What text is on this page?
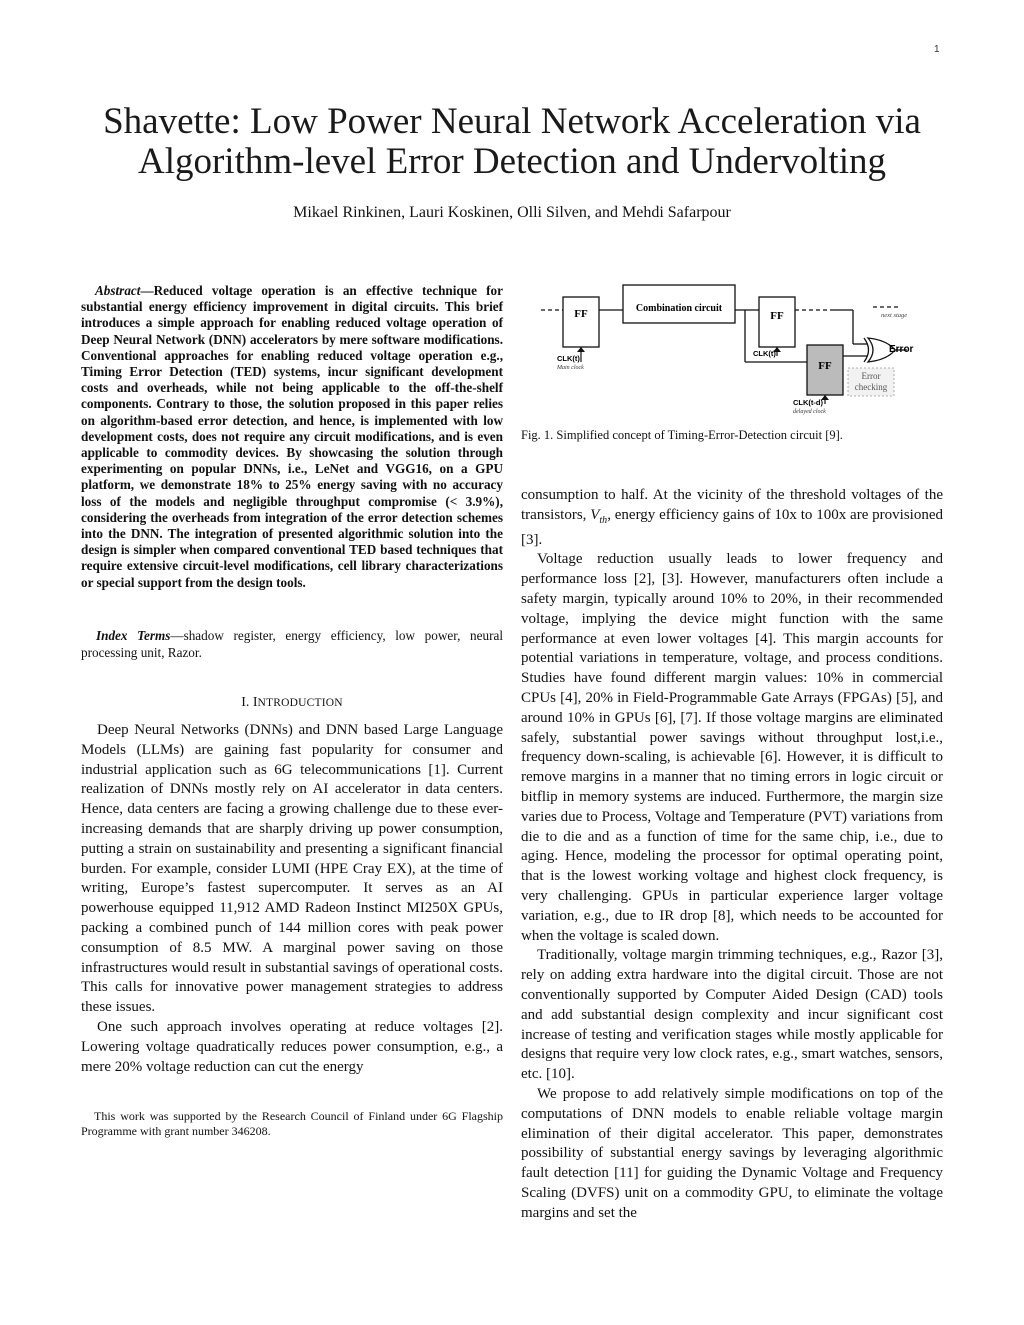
1
Shavette: Low Power Neural Network Acceleration via
Algorithm-level Error Detection and Undervolting
Mikael Rinkinen, Lauri Koskinen, Olli Silven, and Mehdi Safarpour
Abstract—Reduced voltage operation is an effective technique for substantial energy efficiency improvement in digital circuits. This brief introduces a simple approach for enabling reduced voltage operation of Deep Neural Network (DNN) accelerators by mere software modifications. Conventional approaches for enabling reduced voltage operation e.g., Timing Error Detection (TED) systems, incur significant development costs and overheads, while not being applicable to the off-the-shelf components. Contrary to those, the solution proposed in this paper relies on algorithm-based error detection, and hence, is implemented with low development costs, does not require any circuit modifications, and is even applicable to commodity devices. By showcasing the solution through experimenting on popular DNNs, i.e., LeNet and VGG16, on a GPU platform, we demonstrate 18% to 25% energy saving with no accuracy loss of the models and negligible throughput compromise (< 3.9%), considering the overheads from integration of the error detection schemes into the DNN. The integration of presented algorithmic solution into the design is simpler when compared conventional TED based techniques that require extensive circuit-level modifications, cell library characterizations or special support from the design tools.
Index Terms—shadow register, energy efficiency, low power, neural processing unit, Razor.
I. INTRODUCTION

Deep Neural Networks (DNNs) and DNN based Large Language Models (LLMs) are gaining fast popularity for consumer and industrial application such as 6G telecommunications [1]. Current realization of DNNs mostly rely on AI accelerator in data centers. Hence, data centers are facing a growing challenge due to these ever-increasing demands that are sharply driving up power consumption, putting a strain on sustainability and presenting a significant financial burden. For example, consider LUMI (HPE Cray EX), at the time of writing, Europe’s fastest supercomputer. It serves as an AI powerhouse equipped 11,912 AMD Radeon Instinct MI250X GPUs, packing a combined punch of 144 million cores with peak power consumption of 8.5 MW. A marginal power saving on those infrastructures would result in substantial savings of operational costs. This calls for innovative power management strategies to address these issues.

One such approach involves operating at reduce voltages [2]. Lowering voltage quadratically reduces power consumption, e.g., a mere 20% voltage reduction can cut the energy

This work was supported by the Research Council of Finland under 6G Flagship Programme with grant number 346208.
FF	Combination circuit
FF	next stage
FF
Error
Error
checking
CLK(t)
Main clock
CLK(t)
CLK(t-d)
delayed clock
Fig. 1. Simplified concept of Timing-Error-Detection circuit [9].

consumption to half. At the vicinity of the threshold voltages of the transistors, $V_{th}$, energy efficiency gains of 10x to 100x are provisioned [3].

Voltage reduction usually leads to lower frequency and performance loss [2], [3]. However, manufacturers often include a safety margin, typically around 10% to 20%, in their recommended voltage, implying the device might function with the same performance at even lower voltages [4]. This margin accounts for potential variations in temperature, voltage, and process conditions. Studies have found different margin values: 10% in commercial CPUs [4], 20% in Field-Programmable Gate Arrays (FPGAs) [5], and around 10% in GPUs [6], [7]. If those voltage margins are eliminated safely, substantial power savings without throughput lost,i.e., frequency down-scaling, is achievable [6]. However, it is difficult to remove margins in a manner that no timing errors in logic circuit or bitflip in memory systems are induced. Furthermore, the margin size varies due to Process, Voltage and Temperature (PVT) variations from die to die and as a function of time for the same chip, i.e., due to aging. Hence, modeling the processor for optimal operating point, that is the lowest working voltage and highest clock frequency, is very challenging. GPUs in particular experience larger voltage variation, e.g., due to IR drop [8], which needs to be accounted for when the voltage is scaled down.

Traditionally, voltage margin trimming techniques, e.g., Razor [3], rely on adding extra hardware into the digital circuit. Those are not conventionally supported by Computer Aided Design (CAD) tools and add substantial design complexity and incur significant cost increase of testing and verification stages while mostly applicable for designs that require very low clock rates, e.g., smart watches, sensors, etc. [10].

We propose to add relatively simple modifications on top of the computations of DNN models to enable reliable voltage margin elimination of their digital accelerator. This paper, demonstrates possibility of substantial energy savings by leveraging algorithmic fault detection [11] for guiding the Dynamic Voltage and Frequency Scaling (DVFS) unit on a commodity GPU, to eliminate the voltage margins and set the
